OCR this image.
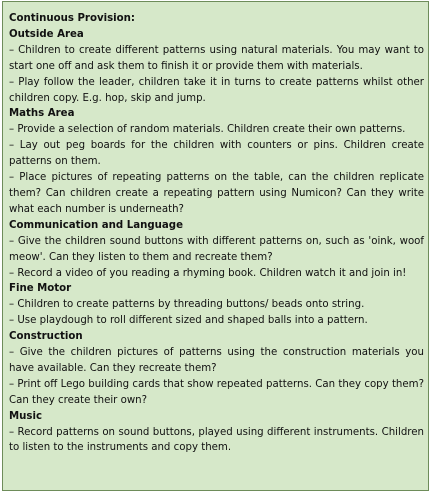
Continuous Provision:
Outside Area
– Children to create different patterns using natural materials. You may want to start one off and ask them to finish it or provide them with materials.
– Play follow the leader, children take it in turns to create patterns whilst other children copy. E.g. hop, skip and jump.
Maths Area
– Provide a selection of random materials. Children create their own patterns.
– Lay out peg boards for the children with counters or pins. Children create patterns on them.
– Place pictures of repeating patterns on the table, can the children replicate them? Can children create a repeating pattern using Numicon? Can they write what each number is underneath?
Communication and Language
– Give the children sound buttons with different patterns on, such as 'oink, woof meow'. Can they listen to them and recreate them?
– Record a video of you reading a rhyming book. Children watch it and join in!
Fine Motor
– Children to create patterns by threading buttons/ beads onto string.
– Use playdough to roll different sized and shaped balls into a pattern.
Construction
– Give the children pictures of patterns using the construction materials you have available. Can they recreate them?
– Print off Lego building cards that show repeated patterns. Can they copy them? Can they create their own?
Music
– Record patterns on sound buttons, played using different instruments. Children to listen to the instruments and copy them.
